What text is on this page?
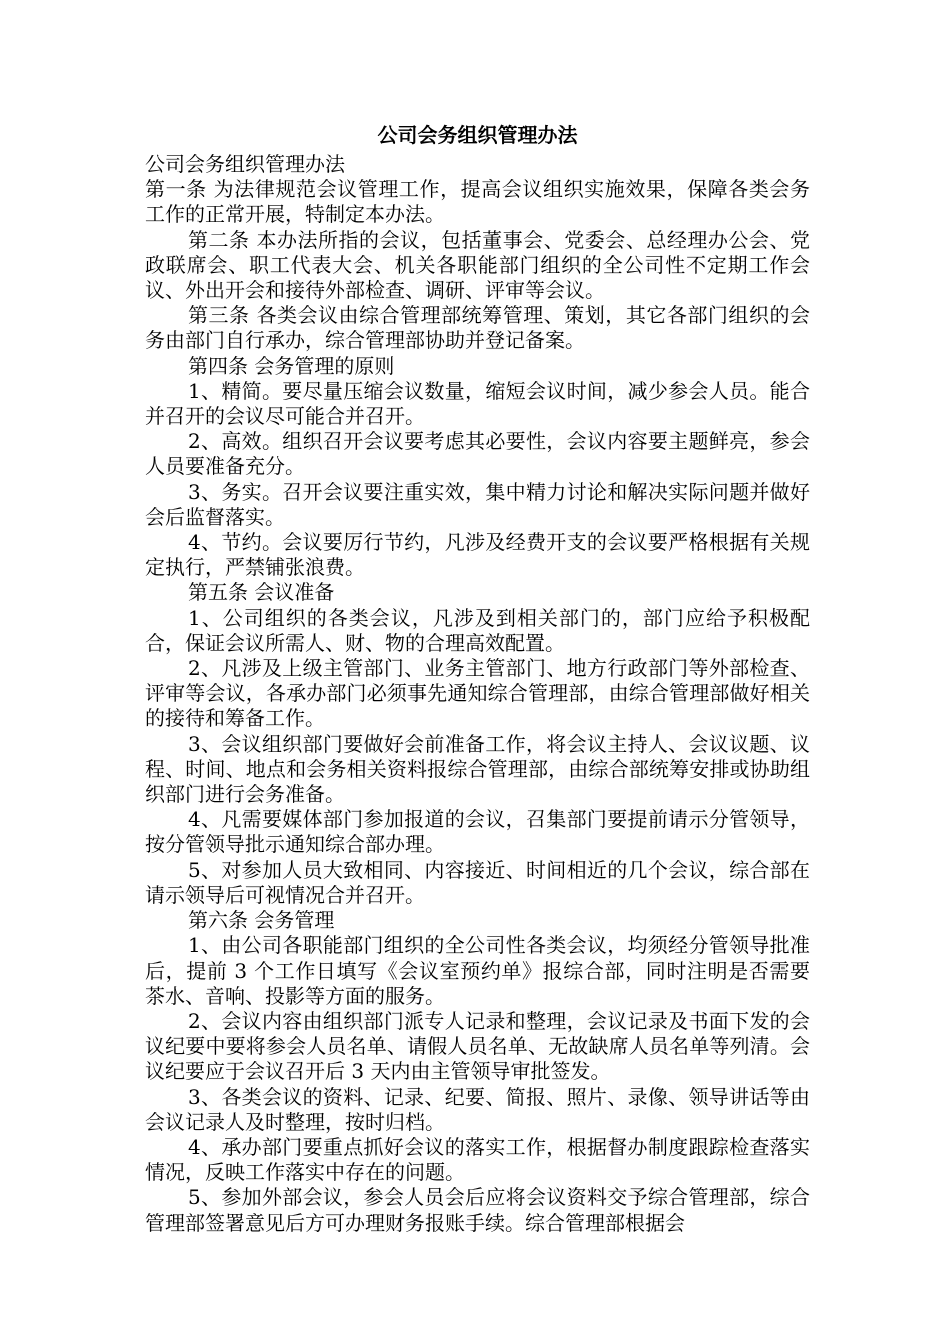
公司会务组织管理办法

公司会务组织管理办法

第一条 为法律规范会议管理工作，提高会议组织实施效果，保障各类会务工作的正常开展，特制定本办法。

第二条 本办法所指的会议，包括董事会、党委会、总经理办公会、党政联席会、职工代表大会、机关各职能部门组织的全公司性不定期工作会议、外出开会和接待外部检查、调研、评审等会议。

第三条 各类会议由综合管理部统筹管理、策划，其它各部门组织的会务由部门自行承办，综合管理部协助并登记备案。

第四条 会务管理的原则

1、精简。要尽量压缩会议数量，缩短会议时间，减少参会人员。能合并召开的会议尽可能合并召开。

2、高效。组织召开会议要考虑其必要性，会议内容要主题鲜亮，参会人员要准备充分。

3、务实。召开会议要注重实效，集中精力讨论和解决实际问题并做好会后监督落实。

4、节约。会议要厉行节约，凡涉及经费开支的会议要严格根据有关规定执行，严禁铺张浪费。

第五条 会议准备

1、公司组织的各类会议，凡涉及到相关部门的，部门应给予积极配合，保证会议所需人、财、物的合理高效配置。

2、凡涉及上级主管部门、业务主管部门、地方行政部门等外部检查、评审等会议，各承办部门必须事先通知综合管理部，由综合管理部做好相关的接待和筹备工作。

3、会议组织部门要做好会前准备工作，将会议主持人、会议议题、议程、时间、地点和会务相关资料报综合管理部，由综合部统筹安排或协助组织部门进行会务准备。

4、凡需要媒体部门参加报道的会议，召集部门要提前请示分管领导，按分管领导批示通知综合部办理。

5、对参加人员大致相同、内容接近、时间相近的几个会议，综合部在请示领导后可视情况合并召开。

第六条 会务管理

1、由公司各职能部门组织的全公司性各类会议，均须经分管领导批准后，提前 3 个工作日填写《会议室预约单》报综合部，同时注明是否需要茶水、音响、投影等方面的服务。

2、会议内容由组织部门派专人记录和整理，会议记录及书面下发的会议纪要中要将参会人员名单、请假人员名单、无故缺席人员名单等列清。会议纪要应于会议召开后 3 天内由主管领导审批签发。

3、各类会议的资料、记录、纪要、简报、照片、录像、领导讲话等由会议记录人及时整理，按时归档。

4、承办部门要重点抓好会议的落实工作，根据督办制度跟踪检查落实情况，反映工作落实中存在的问题。

5、参加外部会议，参会人员会后应将会议资料交予综合管理部，综合管理部签署意见后方可办理财务报账手续。综合管理部根据会
